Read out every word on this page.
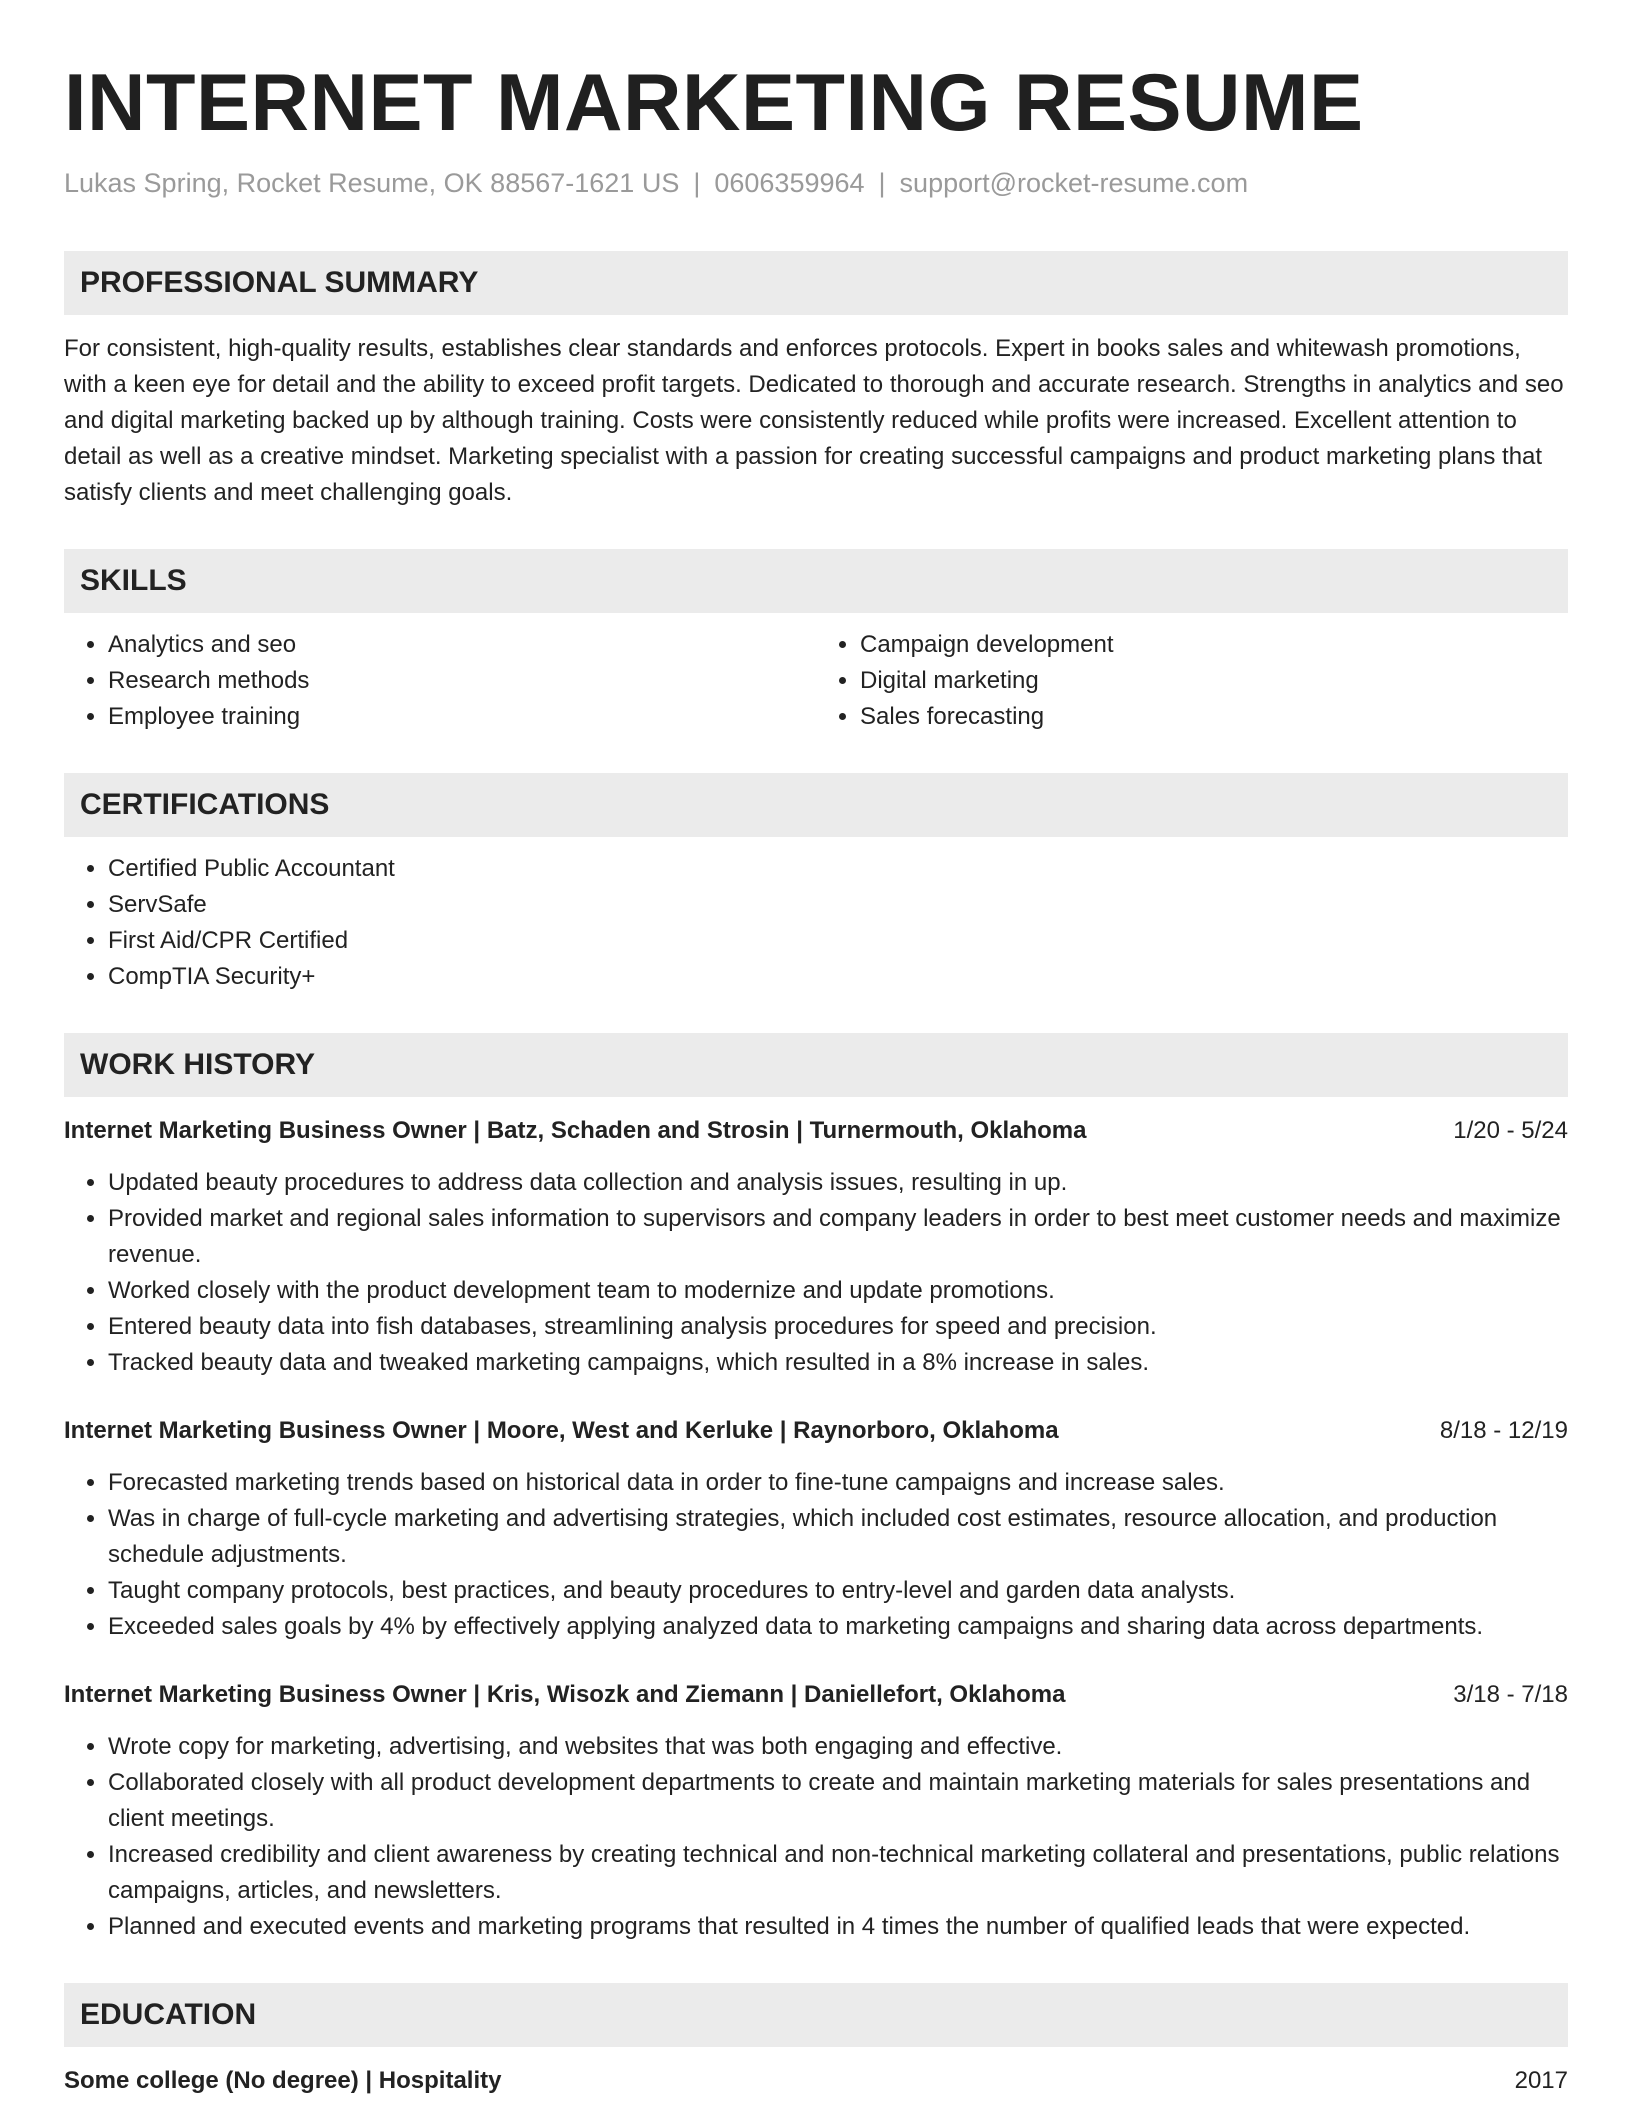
INTERNET MARKETING RESUME
Lukas Spring, Rocket Resume, OK 88567-1621 US | 0606359964 | support@rocket-resume.com
PROFESSIONAL SUMMARY

For consistent, high-quality results, establishes clear standards and enforces protocols. Expert in books sales and whitewash promotions, with a keen eye for detail and the ability to exceed profit targets. Dedicated to thorough and accurate research. Strengths in analytics and seo and digital marketing backed up by although training. Costs were consistently reduced while profits were increased. Excellent attention to detail as well as a creative mindset. Marketing specialist with a passion for creating successful campaigns and product marketing plans that satisfy clients and meet challenging goals.

SKILLS
• Analytics and seo
• Research methods
• Employee training
• Campaign development
• Digital marketing
• Sales forecasting
CERTIFICATIONS
• Certified Public Accountant
• ServSafe
• First Aid/CPR Certified
• CompTIA Security+
WORK HISTORY
Internet Marketing Business Owner | Batz, Schaden and Strosin | Turnermouth, Oklahoma	1/20 - 5/24
• Updated beauty procedures to address data collection and analysis issues, resulting in up.
• Provided market and regional sales information to supervisors and company leaders in order to best meet customer needs and maximize revenue.
• Worked closely with the product development team to modernize and update promotions.
• Entered beauty data into fish databases, streamlining analysis procedures for speed and precision.
• Tracked beauty data and tweaked marketing campaigns, which resulted in a 8% increase in sales.
Internet Marketing Business Owner | Moore, West and Kerluke | Raynorboro, Oklahoma	8/18 - 12/19
• Forecasted marketing trends based on historical data in order to fine-tune campaigns and increase sales.
• Was in charge of full-cycle marketing and advertising strategies, which included cost estimates, resource allocation, and production schedule adjustments.
• Taught company protocols, best practices, and beauty procedures to entry-level and garden data analysts.
• Exceeded sales goals by 4% by effectively applying analyzed data to marketing campaigns and sharing data across departments.
Internet Marketing Business Owner | Kris, Wisozk and Ziemann | Daniellefort, Oklahoma	3/18 - 7/18
• Wrote copy for marketing, advertising, and websites that was both engaging and effective.
• Collaborated closely with all product development departments to create and maintain marketing materials for sales presentations and client meetings.
• Increased credibility and client awareness by creating technical and non-technical marketing collateral and presentations, public relations campaigns, articles, and newsletters.
• Planned and executed events and marketing programs that resulted in 4 times the number of qualified leads that were expected.
EDUCATION
Some college (No degree) | Hospitality	2017
